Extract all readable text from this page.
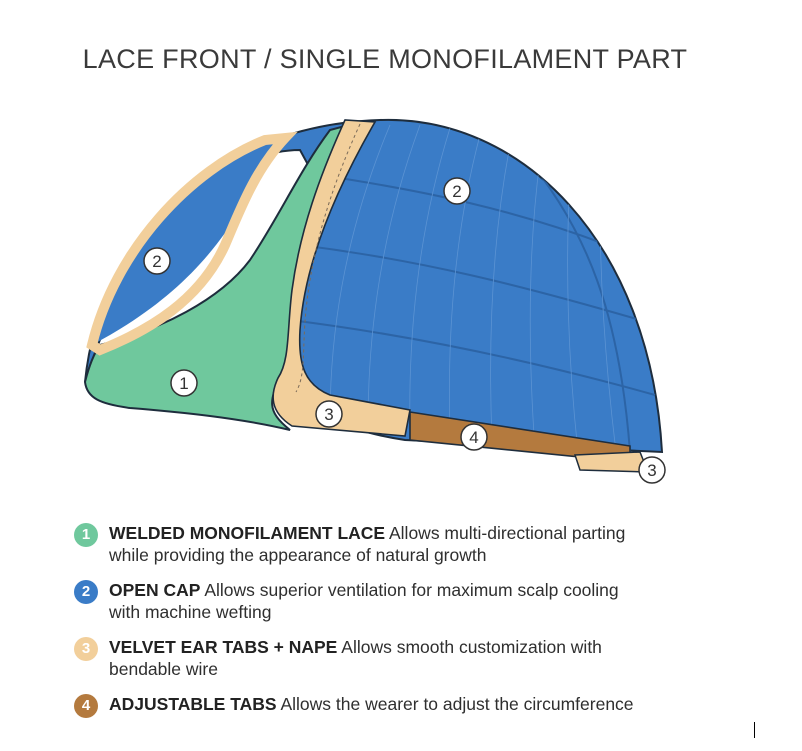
LACE FRONT / SINGLE MONOFILAMENT PART
1
2
2
3
4
3
1	WELDED MONOFILAMENT LACE Allows multi-directional parting
while providing the appearance of natural growth
2	OPEN CAP Allows superior ventilation for maximum scalp cooling
with machine wefting
3	VELVET EAR TABS + NAPE Allows smooth customization with
bendable wire
4	ADJUSTABLE TABS Allows the wearer to adjust the circumference
